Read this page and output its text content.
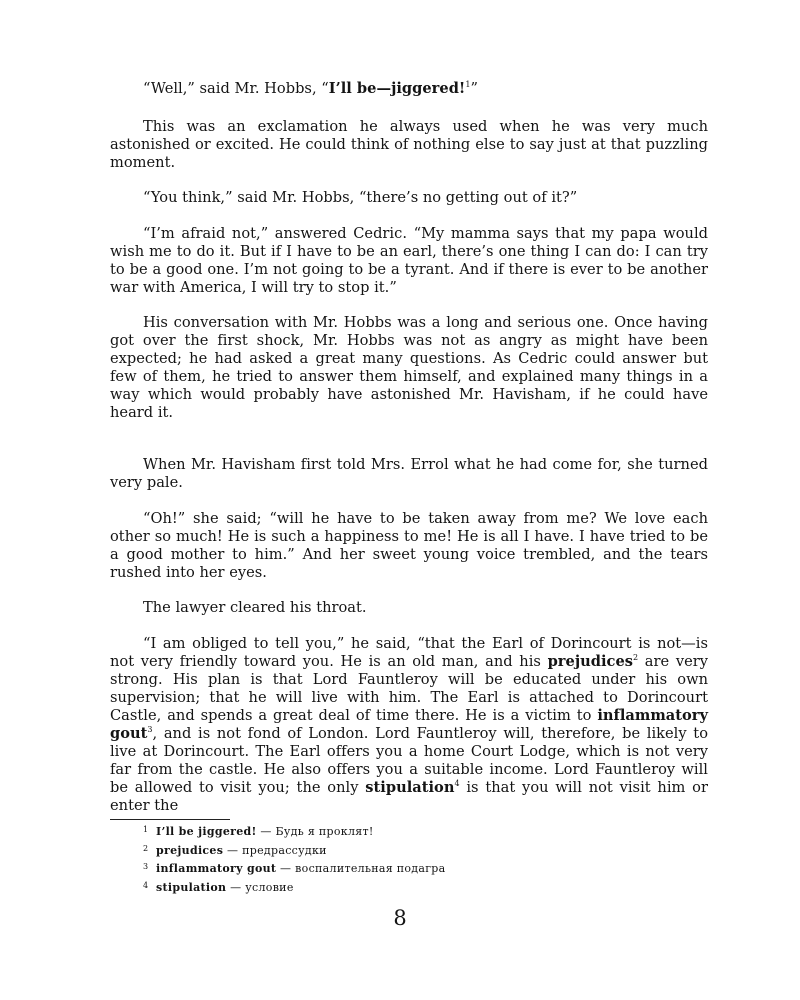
“Well,” said Mr. Hobbs, “I’ll be—jiggered!$^1$”

This was an exclamation he always used when he was very much astonished or excited. He could think of nothing else to say just at that puzzling moment.

“You think,” said Mr. Hobbs, “there’s no getting out of it?”

“I’m afraid not,” answered Cedric. “My mamma says that my papa would wish me to do it. But if I have to be an earl, there’s one thing I can do: I can try to be a good one. I’m not going to be a tyrant. And if there is ever to be another war with America, I will try to stop it.”

His conversation with Mr. Hobbs was a long and serious one. Once having got over the first shock, Mr. Hobbs was not as angry as might have been expected; he had asked a great many questions. As Cedric could answer but few of them, he tried to answer them himself, and explained many things in a way which would probably have astonished Mr. Havisham, if he could have heard it.

When Mr. Havisham first told Mrs. Errol what he had come for, she turned very pale.

“Oh!” she said; “will he have to be taken away from me? We love each other so much! He is such a happiness to me! He is all I have. I have tried to be a good mother to him.” And her sweet young voice trembled, and the tears rushed into her eyes.

The lawyer cleared his throat.

“I am obliged to tell you,” he said, “that the Earl of Dorincourt is not—is not very friendly toward you. He is an old man, and his prejudices$^2$ are very strong. His plan is that Lord Fauntleroy will be educated under his own supervision; that he will live with him. The Earl is attached to Dorincourt Castle, and spends a great deal of time there. He is a victim to inflammatory gout$^3$, and is not fond of London. Lord Fauntleroy will, therefore, be likely to live at Dorincourt. The Earl offers you a home Court Lodge, which is not very far from the castle. He also offers you a suitable income. Lord Fauntleroy will be allowed to visit you; the only stipulation$^4$ is that you will not visit him or enter the

1 I’ll be jiggered! — Будь я проклят!

2 prejudices — предрассудки

3 inflammatory gout — воспалительная подагра

4 stipulation — условие

8
